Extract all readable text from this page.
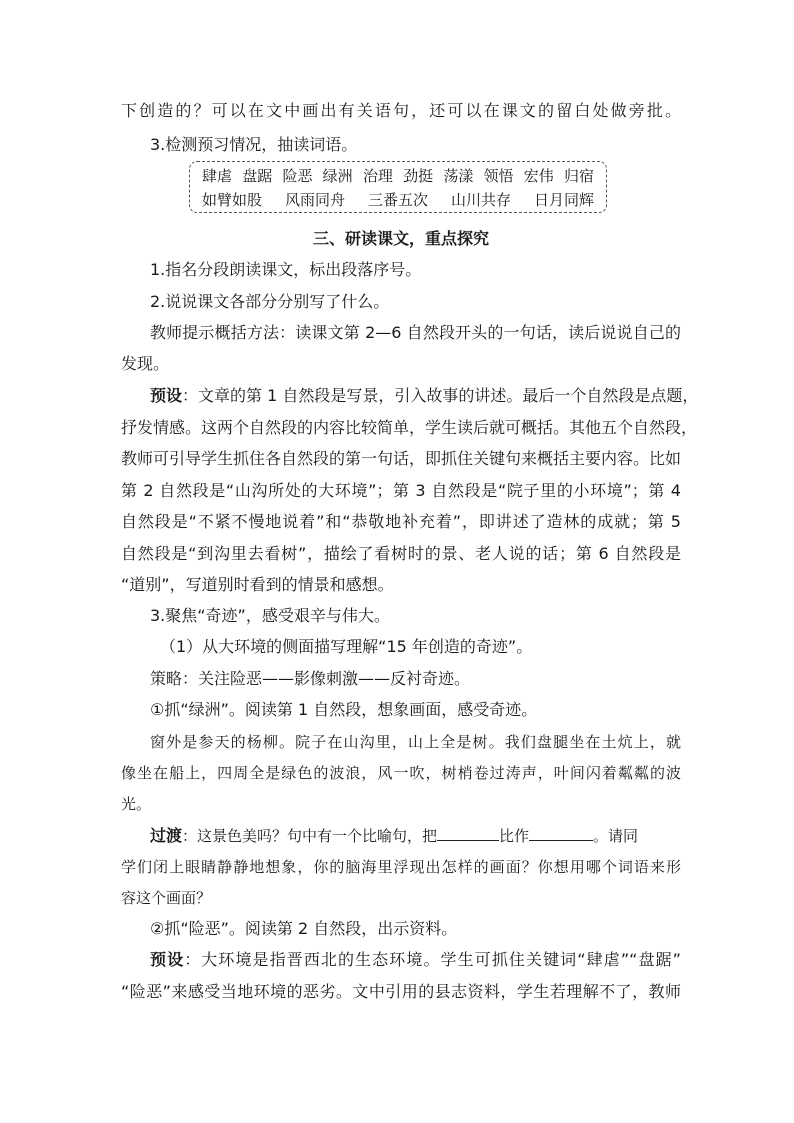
下创造的？可以在文中画出有关语句，还可以在课文的留白处做旁批。
3.检测预习情况，抽读词语。
肆虐 盘踞 险恶 绿洲 治理 劲挺 荡漾 领悟 宏伟 归宿
如臂如股 风雨同舟 三番五次 山川共存 日月同辉
三、研读课文，重点探究
1.指名分段朗读课文，标出段落序号。
2.说说课文各部分分别写了什么。
教师提示概括方法：读课文第 2—6 自然段开头的一句话，读后说说自己的
发现。
预设：文章的第 1 自然段是写景，引入故事的讲述。最后一个自然段是点题，
抒发情感。这两个自然段的内容比较简单，学生读后就可概括。其他五个自然段，
教师可引导学生抓住各自然段的第一句话，即抓住关键句来概括主要内容。比如
第 2 自然段是“山沟所处的大环境”；第 3 自然段是“院子里的小环境”；第 4
自然段是“不紧不慢地说着”和“恭敬地补充着”，即讲述了造林的成就；第 5
自然段是“到沟里去看树”，描绘了看树时的景、老人说的话；第 6 自然段是
“道别”，写道别时看到的情景和感想。
3.聚焦“奇迹”，感受艰辛与伟大。
（1）从大环境的侧面描写理解“15 年创造的奇迹”。
策略：关注险恶——影像刺激——反衬奇迹。
①抓“绿洲”。阅读第 1 自然段，想象画面，感受奇迹。
窗外是参天的杨柳。院子在山沟里，山上全是树。我们盘腿坐在土炕上，就
像坐在船上，四周全是绿色的波浪，风一吹，树梢卷过涛声，叶间闪着粼粼的波
光。
过渡：这景色美吗？句中有一个比喻句，把	比作	。请同
学们闭上眼睛静静地想象，你的脑海里浮现出怎样的画面？你想用哪个词语来形
容这个画面？
②抓“险恶”。阅读第 2 自然段，出示资料。
预设：大环境是指晋西北的生态环境。学生可抓住关键词“肆虐”“盘踞”
“险恶”来感受当地环境的恶劣。文中引用的县志资料，学生若理解不了，教师
